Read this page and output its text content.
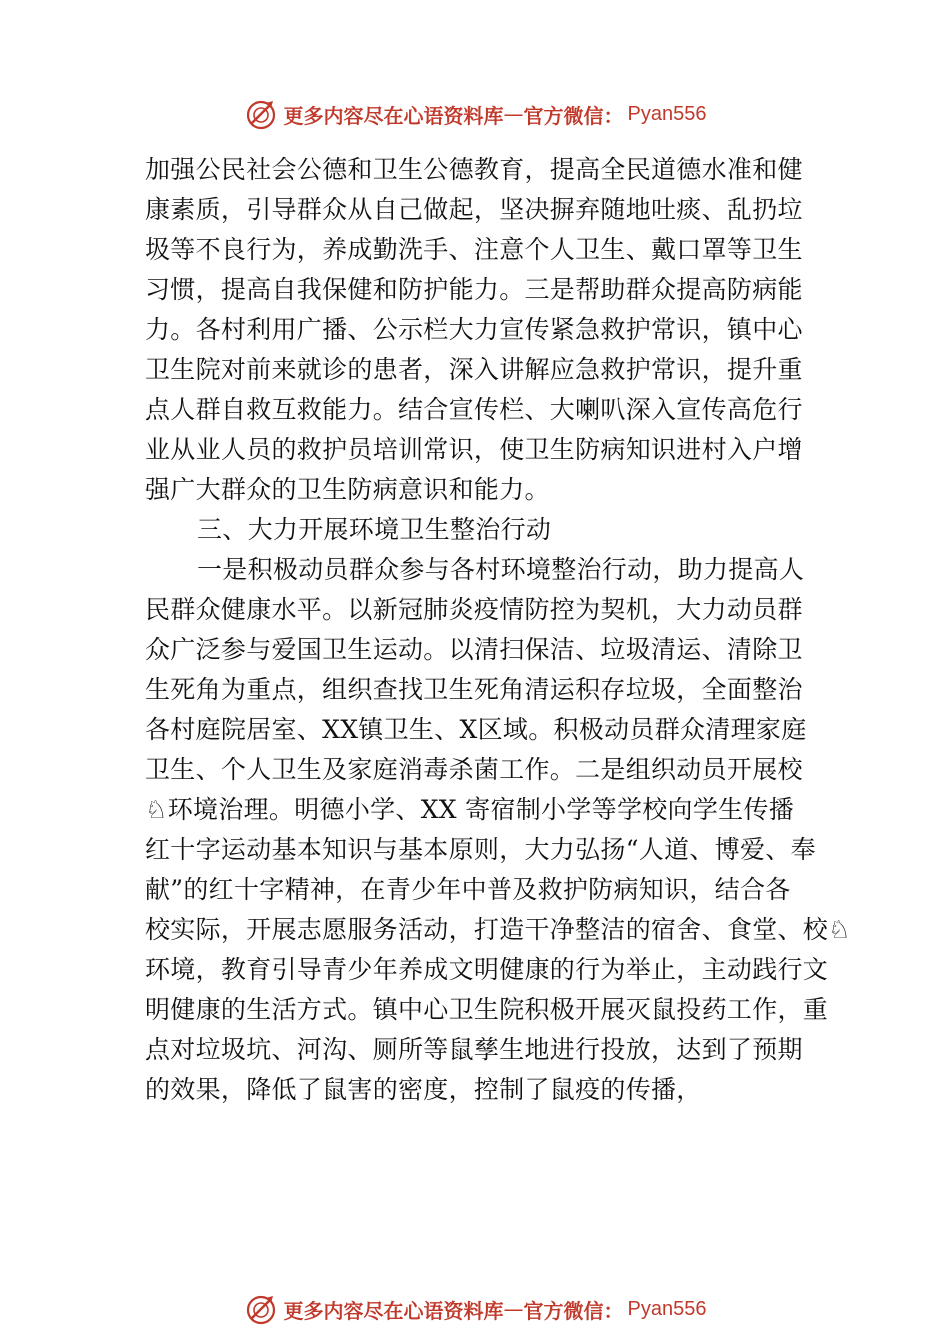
更多内容尽在心语资料库 — 官方微信： Pyan556
加强公民社会公德和卫生公德教育，提高全民道德水准和健
康素质，引导群众从自己做起，坚决摒弃随地吐痰、乱扔垃
圾等不良行为，养成勤洗手、注意个人卫生、戴口罩等卫生
习惯，提高自我保健和防护能力。三是帮助群众提高防病能
力。各村利用广播、公示栏大力宣传紧急救护常识，镇中心
卫生院对前来就诊的患者，深入讲解应急救护常识，提升重
点人群自救互救能力。结合宣传栏、大喇叭深入宣传高危行
业从业人员的救护员培训常识，使卫生防病知识进村入户增
强广大群众的卫生防病意识和能力。
三、大力开展环境卫生整治行动
一是积极动员群众参与各村环境整治行动，助力提高人
民群众健康水平。以新冠肺炎疫情防控为契机，大力动员群
众广泛参与爱国卫生运动。以清扫保洁、垃圾清运、清除卫
生死角为重点，组织查找卫生死角清运积存垃圾，全面整治
各村庭院居室、XX镇卫生、X区域。积极动员群众清理家庭
卫生、个人卫生及家庭消毒杀菌工作。二是组织动员开展校
♘环境治理。明德小学、XX 寄宿制小学等学校向学生传播
红十字运动基本知识与基本原则，大力弘扬“人道、博爱、奉
献”的红十字精神，在青少年中普及救护防病知识，结合各
校实际，开展志愿服务活动，打造干净整洁的宿舍、食堂、校♘
环境，教育引导青少年养成文明健康的行为举止，主动践行文
明健康的生活方式。镇中心卫生院积极开展灭鼠投药工作，重
点对垃圾坑、河沟、厕所等鼠孳生地进行投放，达到了预期
的效果，降低了鼠害的密度，控制了鼠疫的传播，
更多内容尽在心语资料库 — 官方微信： Pyan556
